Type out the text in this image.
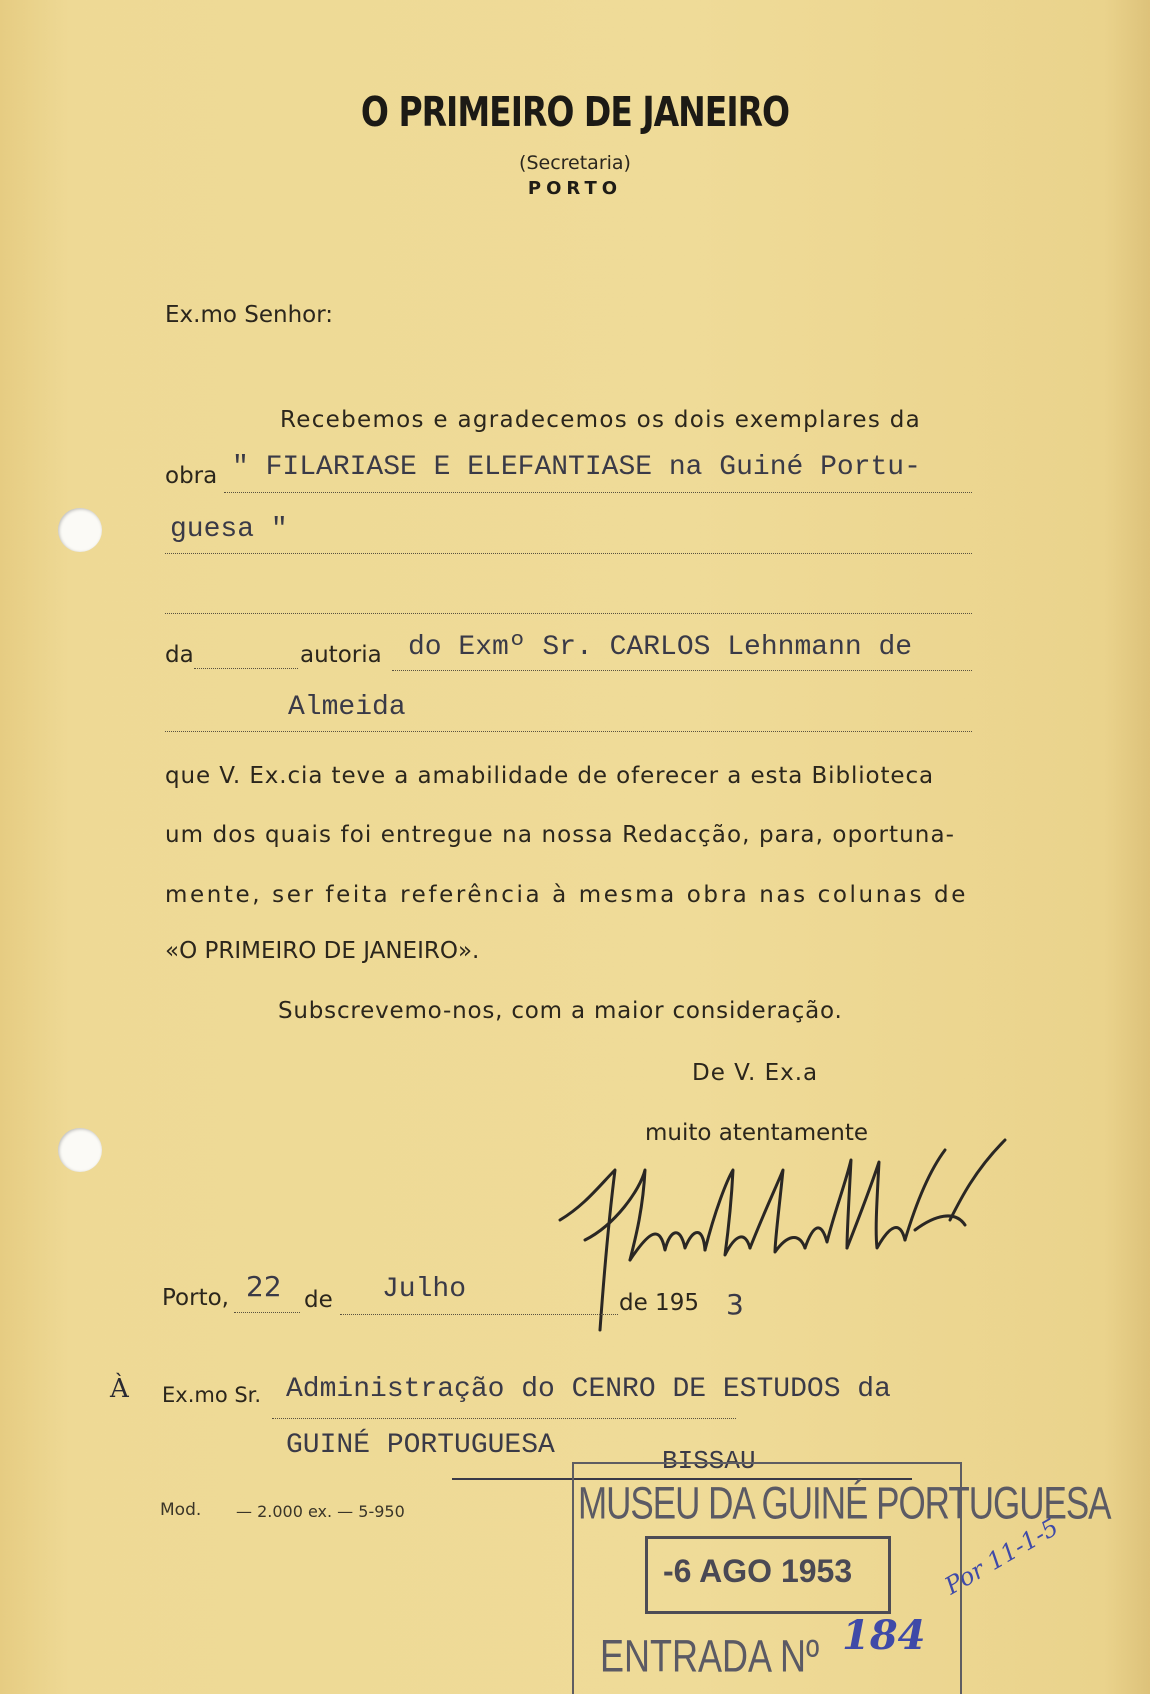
O PRIMEIRO DE JANEIRO
(Secretaria)
PORTO
Ex.mo Senhor:
Recebemos e agradecemos os dois exemplares da
obra " FILARIASE E ELEFANTIASE na Guiné Portu-
guesa "
da	autoria do Exmº Sr. CARLOS Lehnmann de
Almeida
que V. Ex.cia teve a amabilidade de oferecer a esta Biblioteca
um dos quais foi entregue na nossa Redacção, para, oportuna-
mente, ser feita referência à mesma obra nas colunas de
«O PRIMEIRO DE JANEIRO».
Subscrevemo-nos, com a maior consideração.
De V. Ex.a
muito atentamente
Porto, 22 de Julho	de 195 3
À Ex.mo Sr. Administração do CENRO DE ESTUDOS da
GUINÉ PORTUGUESA	BISSAU
Mod. — 2.000 ex. — 5-950	MUSEU DA GUINÉ PORTUGUESA
-6 AGO 1953
ENTRADA Nº 184
Por 11-1-5
